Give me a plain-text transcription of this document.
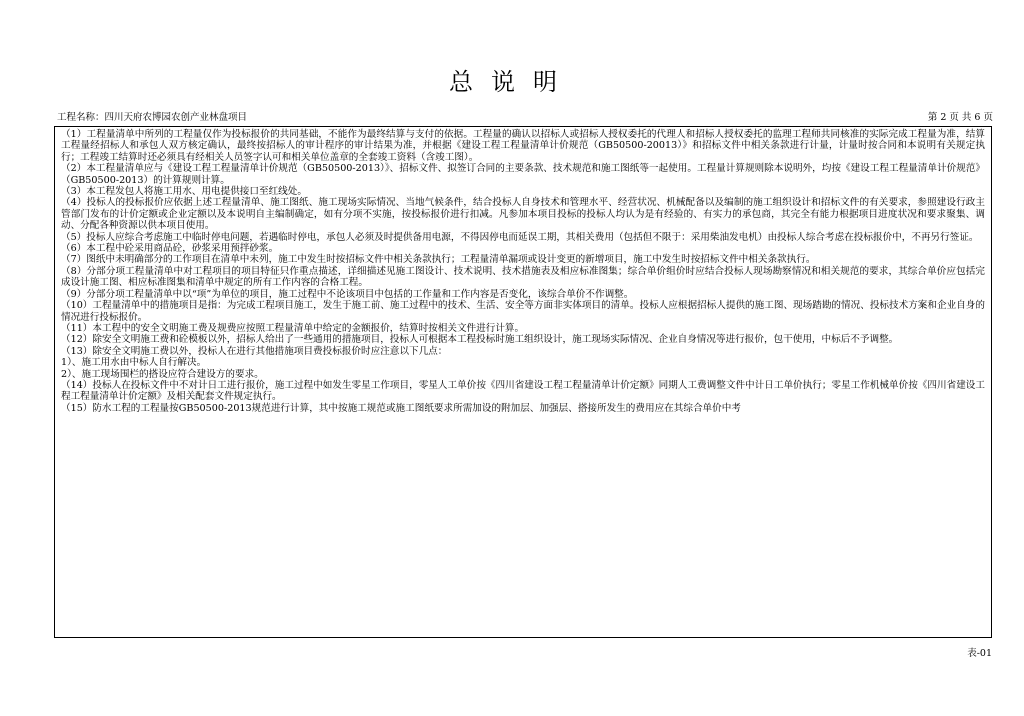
总说明
工程名称：四川天府农博园农创产业林盘项目	第 2 页 共 6 页

（1）工程量清单中所列的工程量仅作为投标报价的共同基础，不能作为最终结算与支付的依据。工程量的确认以招标人或招标人授权委托的代理人和招标人授权委托的监理工程师共同核准的实际完成工程量为准，结算工程量经招标人和承包人双方核定确认，最终按招标人的审计程序的审计结果为准，并根据《建设工程工程量清单计价规范（GB50500-20013）》和招标文件中相关条款进行计量，计量时按合同和本说明有关规定执行；工程竣工结算时还必须具有经相关人员签字认可和相关单位盖章的全套竣工资料（含竣工图）。

（2）本工程量清单应与《建设工程工程量清单计价规范（GB50500-2013）》、招标文件、拟签订合同的主要条款、技术规范和施工图纸等一起使用。工程量计算规则除本说明外，均按《建设工程工程量清单计价规范》（GB50500-2013）的计算规则计算。

（3）本工程发包人将施工用水、用电提供接口至红线处。

（4）投标人的投标报价应依据上述工程量清单、施工图纸、施工现场实际情况、当地气候条件，结合投标人自身技术和管理水平、经营状况、机械配备以及编制的施工组织设计和招标文件的有关要求，参照建设行政主管部门发布的计价定额或企业定额以及本说明自主编制确定，如有分项不实施，按投标报价进行扣减。凡参加本项目投标的投标人均认为是有经验的、有实力的承包商，其完全有能力根据项目进度状况和要求聚集、调动、分配各种资源以供本项目使用。

（5）投标人应综合考虑施工中临时停电问题，若遇临时停电，承包人必须及时提供备用电源，不得因停电而延误工期，其相关费用（包括但不限于：采用柴油发电机）由投标人综合考虑在投标报价中，不再另行签证。

（6）本工程中砼采用商品砼，砂浆采用预拌砂浆。

（7）图纸中未明确部分的工作项目在清单中未列，施工中发生时按招标文件中相关条款执行；工程量清单漏项或设计变更的新增项目，施工中发生时按招标文件中相关条款执行。

（8）分部分项工程量清单中对工程项目的项目特征只作重点描述，详细描述见施工图设计、技术说明、技术措施表及相应标准图集；综合单价组价时应结合投标人现场勘察情况和相关规范的要求，其综合单价应包括完成设计施工图、相应标准图集和清单中规定的所有工作内容的合格工程。

（9）分部分项工程量清单中以“项”为单位的项目，施工过程中不论该项目中包括的工作量和工作内容是否变化，该综合单价不作调整。

（10）工程量清单中的措施项目是指：为完成工程项目施工，发生于施工前、施工过程中的技术、生活、安全等方面非实体项目的清单。投标人应根据招标人提供的施工图、现场踏勘的情况、投标技术方案和企业自身的情况进行投标报价。

（11）本工程中的安全文明施工费及规费应按照工程量清单中给定的金额报价，结算时按相关文件进行计算。

（12）除安全文明施工费和砼模板以外，招标人给出了一些通用的措施项目，投标人可根据本工程投标时施工组织设计，施工现场实际情况、企业自身情况等进行报价，包干使用，中标后不予调整。

（13）除安全文明施工费以外，投标人在进行其他措施项目费投标报价时应注意以下几点：

1）、施工用水由中标人自行解决。

2）、施工现场围栏的搭设应符合建设方的要求。

（14）投标人在投标文件中不对计日工进行报价，施工过程中如发生零星工作项目，零星人工单价按《四川省建设工程工程量清单计价定额》同期人工费调整文件中计日工单价执行；零星工作机械单价按《四川省建设工程工程量清单计价定额》及相关配套文件规定执行。

（15）防水工程的工程量按GB50500-2013规范进行计算，其中按施工规范或施工图纸要求所需加设的附加层、加强层、搭接所发生的费用应在其综合单价中考

表-01
